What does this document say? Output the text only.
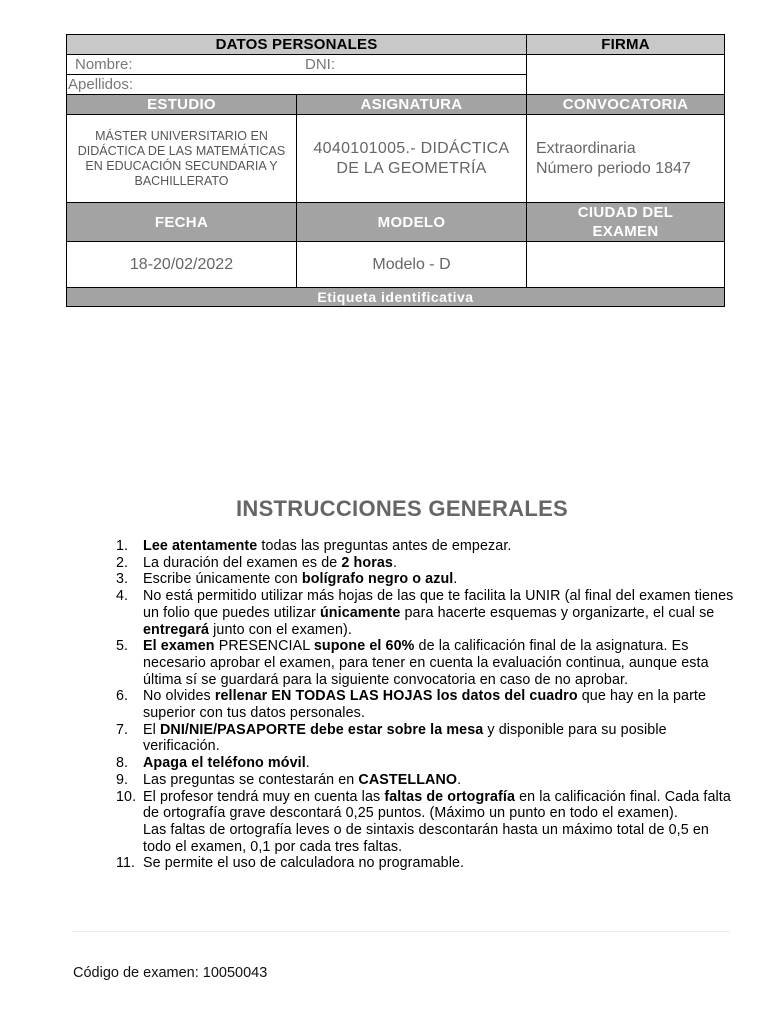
DATOS PERSONALES		FIRMA
Nombre: DNI:		
Apellidos:		
ESTUDIO	ASIGNATURA	CONVOCATORIA
MÁSTER UNIVERSITARIO EN DIDÁCTICA DE LAS MATEMÁTICAS EN EDUCACIÓN SECUNDARIA Y BACHILLERATO	4040101005.- DIDÁCTICA DE LA GEOMETRÍA	Extraordinaria
Número periodo 1847

FECHA	MODELO	CIUDAD DEL EXAMEN
18-20/02/2022	Modelo - D	
Etiqueta identificativa		
INSTRUCCIONES GENERALES
1. Lee atentamente todas las preguntas antes de empezar.
2. La duración del examen es de 2 horas.
3. Escribe únicamente con bolígrafo negro o azul.
4. No está permitido utilizar más hojas de las que te facilita la UNIR (al final del examen tienes un folio que puedes utilizar únicamente para hacerte esquemas y organizarte, el cual se entregará junto con el examen).
5. El examen PRESENCIAL supone el 60% de la calificación final de la asignatura. Es necesario aprobar el examen, para tener en cuenta la evaluación continua, aunque esta última sí se guardará para la siguiente convocatoria en caso de no aprobar.
6. No olvides rellenar EN TODAS LAS HOJAS los datos del cuadro que hay en la parte superior con tus datos personales.
7. El DNI/NIE/PASAPORTE debe estar sobre la mesa y disponible para su posible verificación.
8. Apaga el teléfono móvil.
9. Las preguntas se contestarán en CASTELLANO.
10. El profesor tendrá muy en cuenta las faltas de ortografía en la calificación final. Cada falta de ortografía grave descontará 0,25 puntos. (Máximo un punto en todo el examen).
Las faltas de ortografía leves o de sintaxis descontarán hasta un máximo total de 0,5 en todo el examen, 0,1 por cada tres faltas.
11. Se permite el uso de calculadora no programable.
Código de examen: 10050043
